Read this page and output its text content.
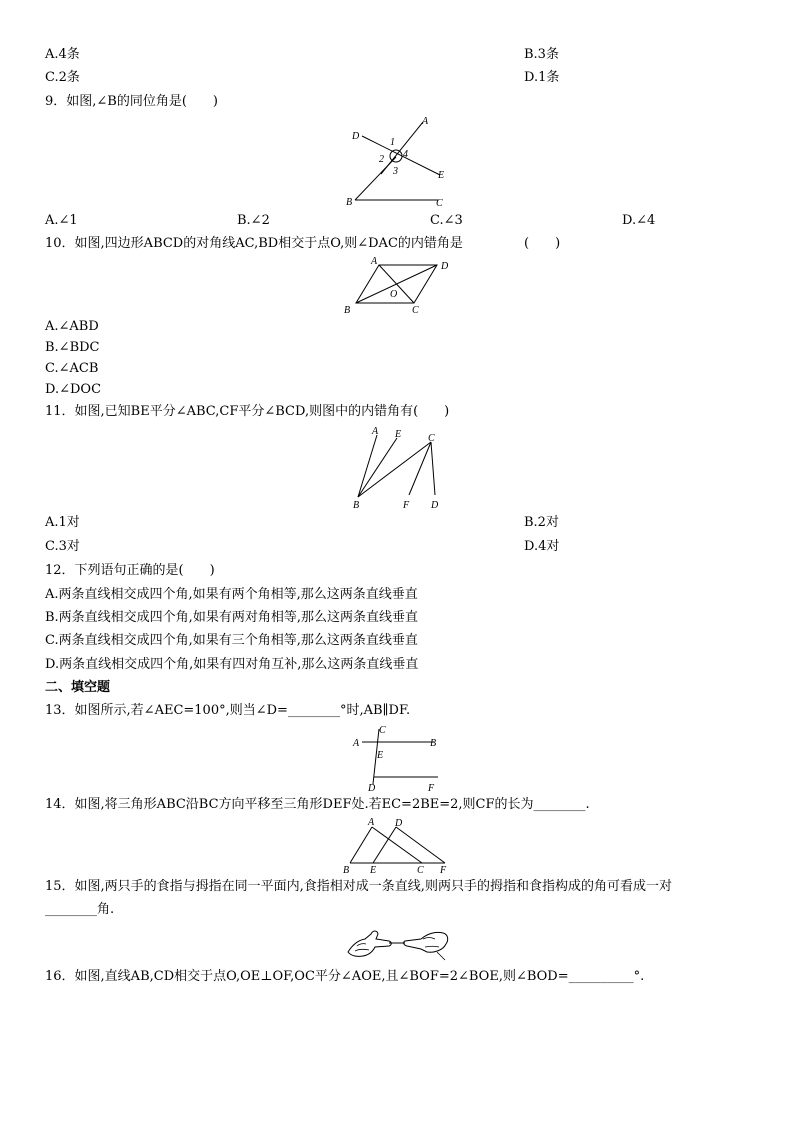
A.4条	B.3条
C.2条	D.1条
9．如图,∠B的同位角是(　　)
D
A
1
2 4
3	E
B	C
A.∠1	B.∠2	C.∠3	D.∠4
10．如图,四边形ABCD的对角线AC,BD相交于点O,则∠DAC的内错角是	(　　)
A	D
O
B	C
A.∠ABD
B.∠BDC
C.∠ACB
D.∠DOC
11．如图,已知BE平分∠ABC,CF平分∠BCD,则图中的内错角有(　　)
A E	C
B	F D
A.1对	B.2对
C.3对	D.4对
12．下列语句正确的是(　　)
A.两条直线相交成四个角,如果有两个角相等,那么这两条直线垂直
B.两条直线相交成四个角,如果有两对角相等,那么这两条直线垂直
C.两条直线相交成四个角,如果有三个角相等,那么这两条直线垂直
D.两条直线相交成四个角,如果有四对角互补,那么这两条直线垂直
二、填空题
13．如图所示,若∠AEC=100°,则当∠D=________°时,AB∥DF.
C
A	B
E
D	F
14．如图,将三角形ABC沿BC方向平移至三角形DEF处.若EC=2BE=2,则CF的长为________.
A D
B E	C F
15．如图,两只手的食指与拇指在同一平面内,食指相对成一条直线,则两只手的拇指和食指构成的角可看成一对
________角.
16．如图,直线AB,CD相交于点O,OE⊥OF,OC平分∠AOE,且∠BOF=2∠BOE,则∠BOD=__________°.
